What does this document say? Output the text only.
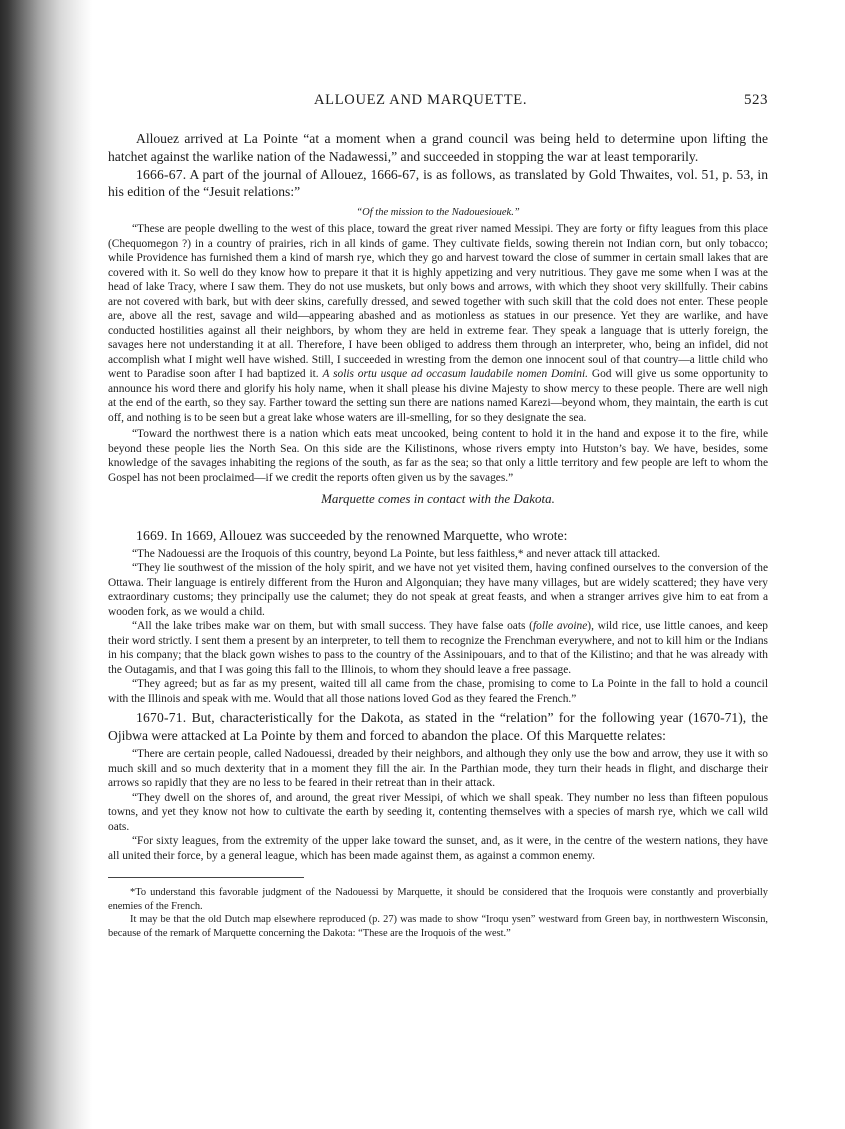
ALLOUEZ AND MARQUETTE.	523

Allouez arrived at La Pointe “at a moment when a grand council was being held to determine upon lifting the hatchet against the warlike nation of the Nadawessi,” and succeeded in stopping the war at least temporarily.

1666-67. A part of the journal of Allouez, 1666-67, is as follows, as translated by Gold Thwaites, vol. 51, p. 53, in his edition of the “Jesuit relations:”

“Of the mission to the Nadouesiouek.”

“These are people dwelling to the west of this place, toward the great river named Messipi. They are forty or fifty leagues from this place (Chequomegon ?) in a country of prairies, rich in all kinds of game. They cultivate fields, sowing therein not Indian corn, but only tobacco; while Providence has furnished them a kind of marsh rye, which they go and harvest toward the close of summer in certain small lakes that are covered with it. So well do they know how to prepare it that it is highly appetizing and very nutritious. They gave me some when I was at the head of lake Tracy, where I saw them. They do not use muskets, but only bows and arrows, with which they shoot very skillfully. Their cabins are not covered with bark, but with deer skins, carefully dressed, and sewed together with such skill that the cold does not enter. These people are, above all the rest, savage and wild—appearing abashed and as motionless as statues in our presence. Yet they are warlike, and have conducted hostilities against all their neighbors, by whom they are held in extreme fear. They speak a language that is utterly foreign, the savages here not understanding it at all. Therefore, I have been obliged to address them through an interpreter, who, being an infidel, did not accomplish what I might well have wished. Still, I succeeded in wresting from the demon one innocent soul of that country—a little child who went to Paradise soon after I had baptized it. A solis ortu usque ad occasum laudabile nomen Domini. God will give us some opportunity to announce his word there and glorify his holy name, when it shall please his divine Majesty to show mercy to these people. There are well nigh at the end of the earth, so they say. Farther toward the setting sun there are nations named Karezi—beyond whom, they maintain, the earth is cut off, and nothing is to be seen but a great lake whose waters are ill-smelling, for so they designate the sea.

“Toward the northwest there is a nation which eats meat uncooked, being content to hold it in the hand and expose it to the fire, while beyond these people lies the North Sea. On this side are the Kilistinons, whose rivers empty into Hutston’s bay. We have, besides, some knowledge of the savages inhabiting the regions of the south, as far as the sea; so that only a little territory and few people are left to whom the Gospel has not been proclaimed—if we credit the reports often given us by the savages.”

Marquette comes in contact with the Dakota.

1669. In 1669, Allouez was succeeded by the renowned Marquette, who wrote:

“The Nadouessi are the Iroquois of this country, beyond La Pointe, but less faithless,* and never attack till attacked.

“They lie southwest of the mission of the holy spirit, and we have not yet visited them, having confined ourselves to the conversion of the Ottawa. Their language is entirely different from the Huron and Algonquian; they have many villages, but are widely scattered; they have very extraordinary customs; they principally use the calumet; they do not speak at great feasts, and when a stranger arrives give him to eat from a wooden fork, as we would a child.

“All the lake tribes make war on them, but with small success. They have false oats (folle avoine), wild rice, use little canoes, and keep their word strictly. I sent them a present by an interpreter, to tell them to recognize the Frenchman everywhere, and not to kill him or the Indians in his company; that the black gown wishes to pass to the country of the Assinipouars, and to that of the Kilistino; and that he was already with the Outagamis, and that I was going this fall to the Illinois, to whom they should leave a free passage.

“They agreed; but as far as my present, waited till all came from the chase, promising to come to La Pointe in the fall to hold a council with the Illinois and speak with me. Would that all those nations loved God as they feared the French.”

1670-71. But, characteristically for the Dakota, as stated in the “relation” for the following year (1670-71), the Ojibwa were attacked at La Pointe by them and forced to abandon the place. Of this Marquette relates:

“There are certain people, called Nadouessi, dreaded by their neighbors, and although they only use the bow and arrow, they use it with so much skill and so much dexterity that in a moment they fill the air. In the Parthian mode, they turn their heads in flight, and discharge their arrows so rapidly that they are no less to be feared in their retreat than in their attack.

“They dwell on the shores of, and around, the great river Messipi, of which we shall speak. They number no less than fifteen populous towns, and yet they know not how to cultivate the earth by seeding it, contenting themselves with a species of marsh rye, which we call wild oats.

“For sixty leagues, from the extremity of the upper lake toward the sunset, and, as it were, in the centre of the western nations, they have all united their force, by a general league, which has been made against them, as against a common enemy.

*To understand this favorable judgment of the Nadouessi by Marquette, it should be considered that the Iroquois were constantly and proverbially enemies of the French.

It may be that the old Dutch map elsewhere reproduced (p. 27) was made to show “Iroqu ysen” westward from Green bay, in northwestern Wisconsin, because of the remark of Marquette concerning the Dakota: “These are the Iroquois of the west.”
